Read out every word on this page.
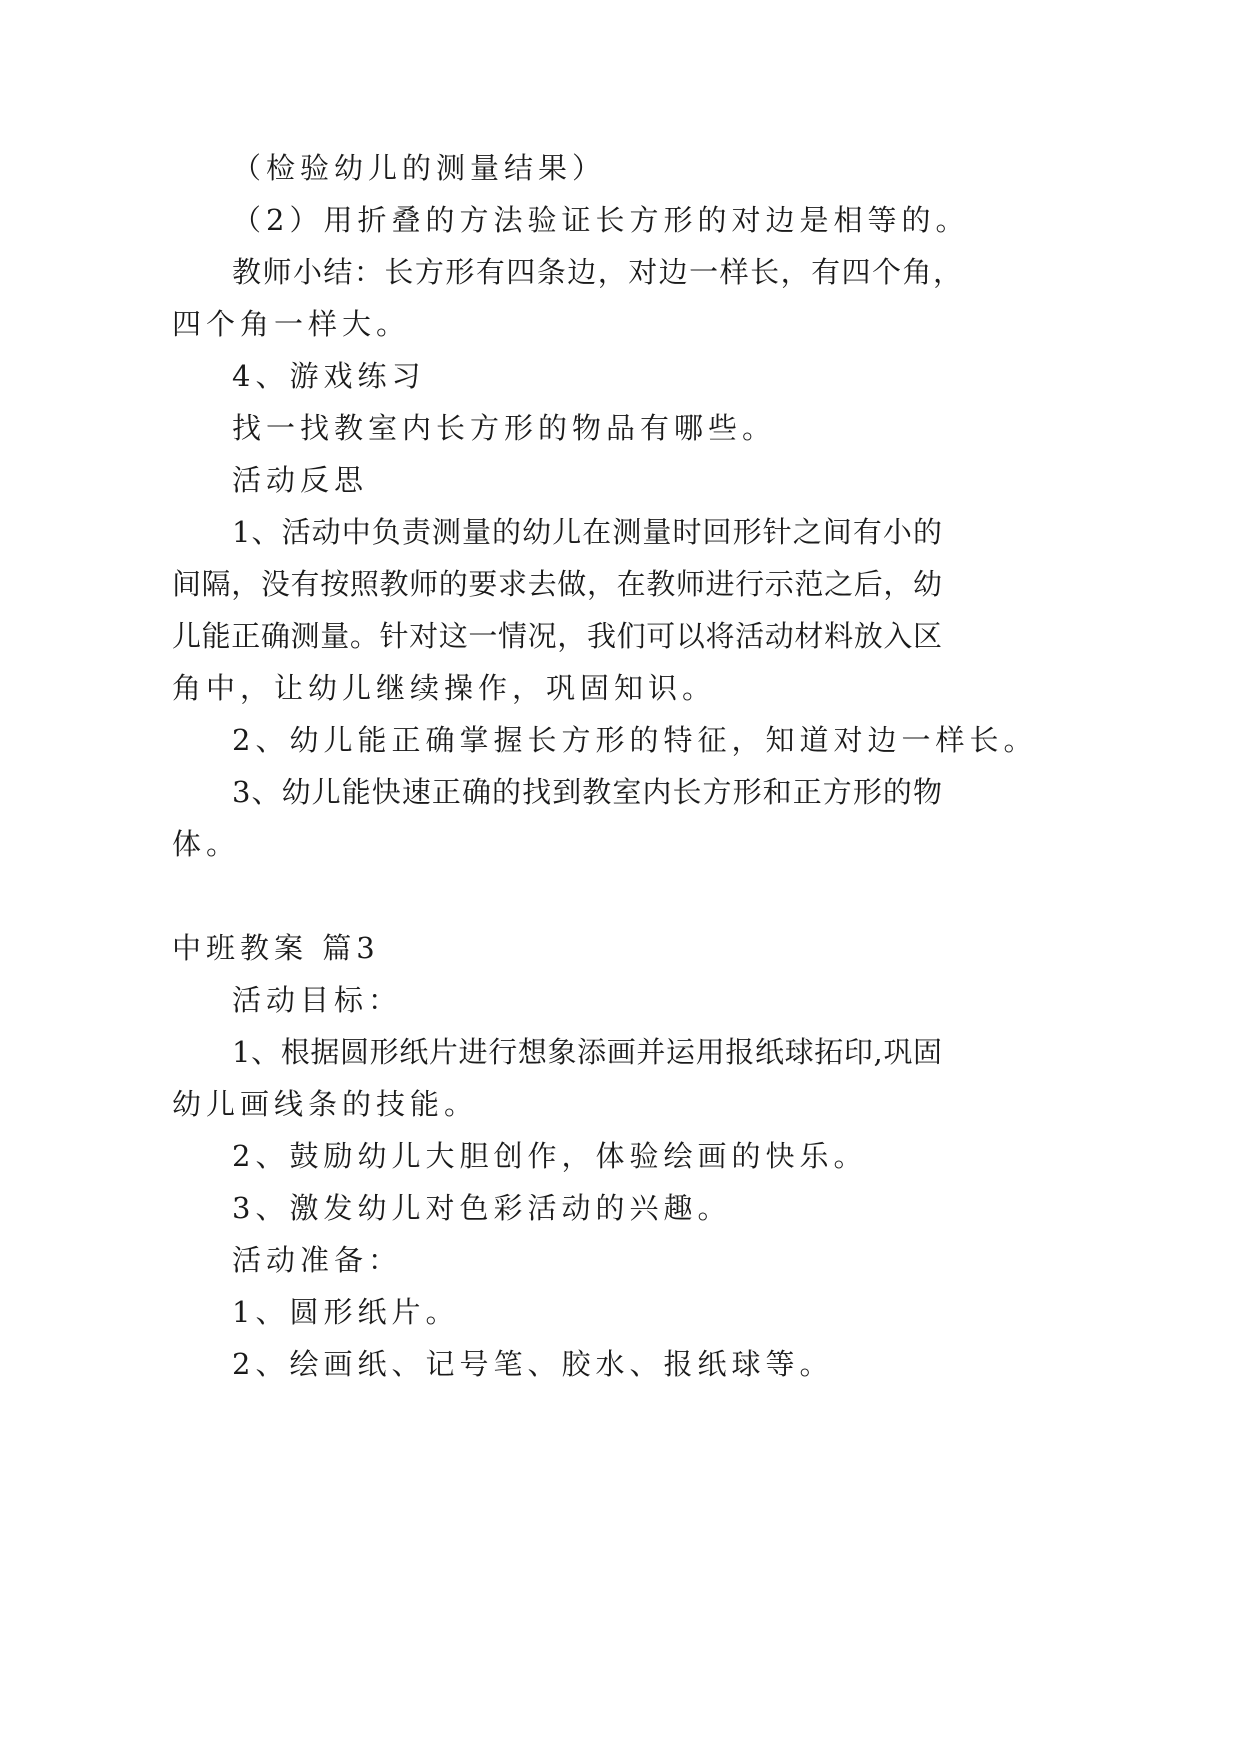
（检验幼儿的测量结果）
（2）用折叠的方法验证长方形的对边是相等的。
教师小结：长方形有四条边，对边一样长，有四个角，
四个角一样大。
4、游戏练习
找一找教室内长方形的物品有哪些。
活动反思
1、活动中负责测量的幼儿在测量时回形针之间有小的
间隔，没有按照教师的要求去做，在教师进行示范之后，幼
儿能正确测量。针对这一情况，我们可以将活动材料放入区
角中，让幼儿继续操作，巩固知识。
2、幼儿能正确掌握长方形的特征，知道对边一样长。
3、幼儿能快速正确的找到教室内长方形和正方形的物
体。
中班教案 篇3
活动目标：
1、根据圆形纸片进行想象添画并运用报纸球拓印,巩固
幼儿画线条的技能。
2、鼓励幼儿大胆创作，体验绘画的快乐。
3、激发幼儿对色彩活动的兴趣。
活动准备：
1、圆形纸片。
2、绘画纸、记号笔、胶水、报纸球等。
